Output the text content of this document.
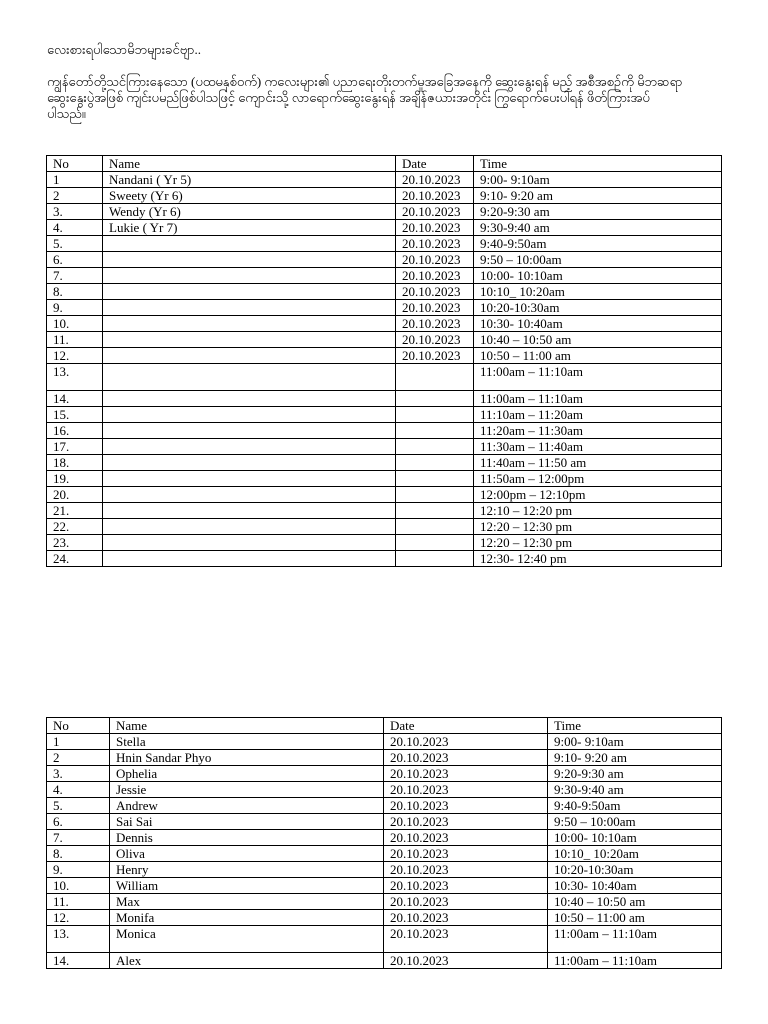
လေးစားရပါသောမိဘများခင်ဗျာ..

ကျွန်တော်တို့သင်ကြားနေသော (ပထမနှစ်ဝက်) ကလေးများ၏ ပညာရေးတိုးတက်မှုအခြေအနေကို ဆွေးနွေးရန် မည့် အစီအစဉ်ကို မိဘဆရာ ဆွေးနွေးပွဲအဖြစ် ကျင်းပမည်ဖြစ်ပါသဖြင့် ကျောင်းသို့ လာရောက်ဆွေးနွေးရန် အချိန်ဇယားအတိုင်း ကြွရောက်ပေးပါရန် ဖိတ်ကြားအပ်ပါသည်။

No	Name	Date	Time
1	Nandani ( Yr 5)	20.10.2023	9:00- 9:10am
2	Sweety (Yr 6)	20.10.2023	9:10- 9:20 am
3.	Wendy (Yr 6)	20.10.2023	9:20-9:30 am
4.	Lukie ( Yr 7)	20.10.2023	9:30-9:40 am
5.		20.10.2023	9:40-9:50am
6.		20.10.2023	9:50 – 10:00am
7.		20.10.2023	10:00- 10:10am
8.		20.10.2023	10:10_ 10:20am
9.		20.10.2023	10:20-10:30am
10.		20.10.2023	10:30- 10:40am
11.		20.10.2023	10:40 – 10:50 am
12.		20.10.2023	10:50 – 11:00 am
13.			11:00am – 11:10am
14.			11:00am – 11:10am
15.			11:10am – 11:20am
16.			11:20am – 11:30am
17.			11:30am – 11:40am
18.			11:40am – 11:50 am
19.			11:50am – 12:00pm
20.			12:00pm – 12:10pm
21.			12:10 – 12:20 pm
22.			12:20 – 12:30 pm
23.			12:20 – 12:30 pm
24.			12:30- 12:40 pm
No	Name	Date	Time
1	Stella	20.10.2023	9:00- 9:10am
2	Hnin Sandar Phyo	20.10.2023	9:10- 9:20 am
3.	Ophelia	20.10.2023	9:20-9:30 am
4.	Jessie	20.10.2023	9:30-9:40 am
5.	Andrew	20.10.2023	9:40-9:50am
6.	Sai Sai	20.10.2023	9:50 – 10:00am
7.	Dennis	20.10.2023	10:00- 10:10am
8.	Oliva	20.10.2023	10:10_ 10:20am
9.	Henry	20.10.2023	10:20-10:30am
10.	William	20.10.2023	10:30- 10:40am
11.	Max	20.10.2023	10:40 – 10:50 am
12.	Monifa	20.10.2023	10:50 – 11:00 am
13.	Monica	20.10.2023	11:00am – 11:10am
14.	Alex	20.10.2023	11:00am – 11:10am
